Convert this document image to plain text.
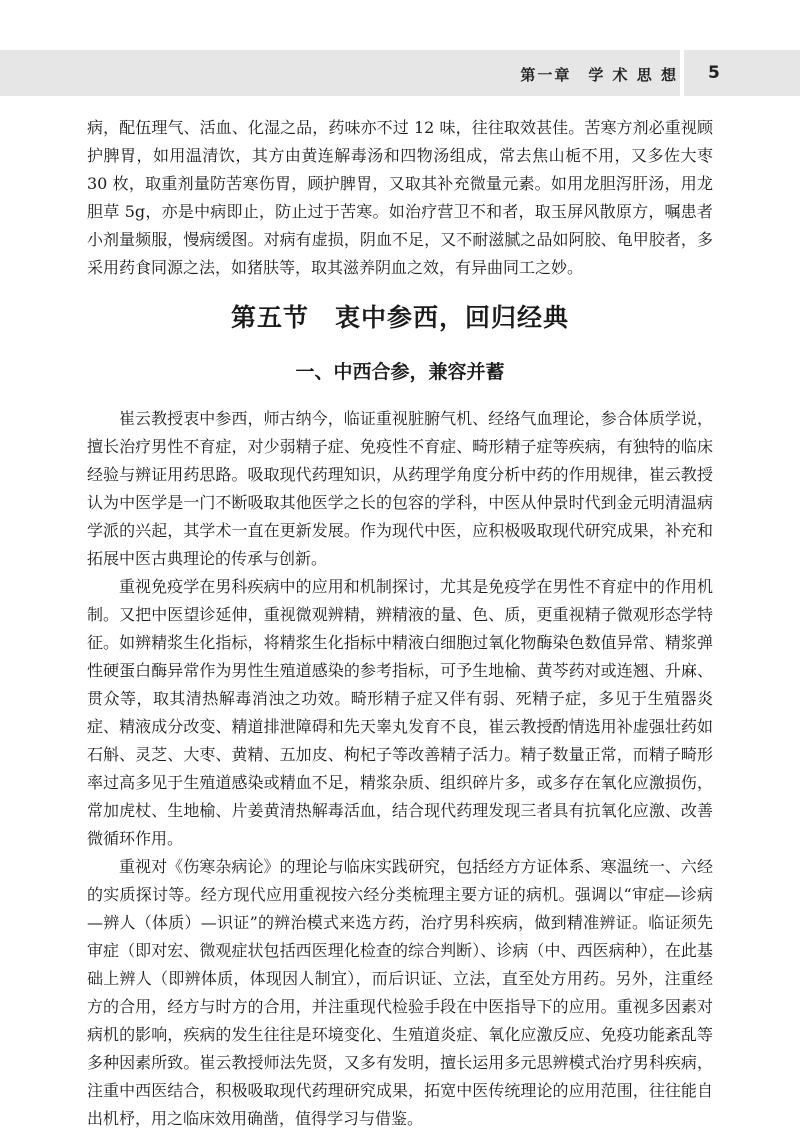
第一章　学 术 思 想 5

病，配伍理气、活血、化湿之品，药味亦不过 12 味，往往取效甚佳。苦寒方剂必重视顾护脾胃，如用温清饮，其方由黄连解毒汤和四物汤组成，常去焦山栀不用，又多佐大枣 30 枚，取重剂量防苦寒伤胃，顾护脾胃，又取其补充微量元素。如用龙胆泻肝汤，用龙胆草 5g，亦是中病即止，防止过于苦寒。如治疗营卫不和者，取玉屏风散原方，嘱患者小剂量频服，慢病缓图。对病有虚损，阴血不足，又不耐滋腻之品如阿胶、龟甲胶者，多采用药食同源之法，如猪肤等，取其滋养阴血之效，有异曲同工之妙。

第五节　衷中参西，回归经典
一、中西合参，兼容并蓄

崔云教授衷中参西，师古纳今，临证重视脏腑气机、经络气血理论，参合体质学说，擅长治疗男性不育症，对少弱精子症、免疫性不育症、畸形精子症等疾病，有独特的临床经验与辨证用药思路。吸取现代药理知识，从药理学角度分析中药的作用规律，崔云教授认为中医学是一门不断吸取其他医学之长的包容的学科，中医从仲景时代到金元明清温病学派的兴起，其学术一直在更新发展。作为现代中医，应积极吸取现代研究成果，补充和拓展中医古典理论的传承与创新。

重视免疫学在男科疾病中的应用和机制探讨，尤其是免疫学在男性不育症中的作用机制。又把中医望诊延伸，重视微观辨精，辨精液的量、色、质，更重视精子微观形态学特征。如辨精浆生化指标，将精浆生化指标中精液白细胞过氧化物酶染色数值异常、精浆弹性硬蛋白酶异常作为男性生殖道感染的参考指标，可予生地榆、黄芩药对或连翘、升麻、贯众等，取其清热解毒消浊之功效。畸形精子症又伴有弱、死精子症，多见于生殖器炎症、精液成分改变、精道排泄障碍和先天睾丸发育不良，崔云教授酌情选用补虚强壮药如石斛、灵芝、大枣、黄精、五加皮、枸杞子等改善精子活力。精子数量正常，而精子畸形率过高多见于生殖道感染或精血不足，精浆杂质、组织碎片多，或多存在氧化应激损伤，常加虎杖、生地榆、片姜黄清热解毒活血，结合现代药理发现三者具有抗氧化应激、改善微循环作用。

重视对《伤寒杂病论》的理论与临床实践研究，包括经方方证体系、寒温统一、六经的实质探讨等。经方现代应用重视按六经分类梳理主要方证的病机。强调以“审症—诊病—辨人（体质）—识证”的辨治模式来选方药，治疗男科疾病，做到精准辨证。临证须先审症（即对宏、微观症状包括西医理化检查的综合判断）、诊病（中、西医病种），在此基础上辨人（即辨体质，体现因人制宜），而后识证、立法，直至处方用药。另外，注重经方的合用，经方与时方的合用，并注重现代检验手段在中医指导下的应用。重视多因素对病机的影响，疾病的发生往往是环境变化、生殖道炎症、氧化应激反应、免疫功能紊乱等多种因素所致。崔云教授师法先贤，又多有发明，擅长运用多元思辨模式治疗男科疾病，注重中西医结合，积极吸取现代药理研究成果，拓宽中医传统理论的应用范围，往往能自出机杼，用之临床效用确凿，值得学习与借鉴。
